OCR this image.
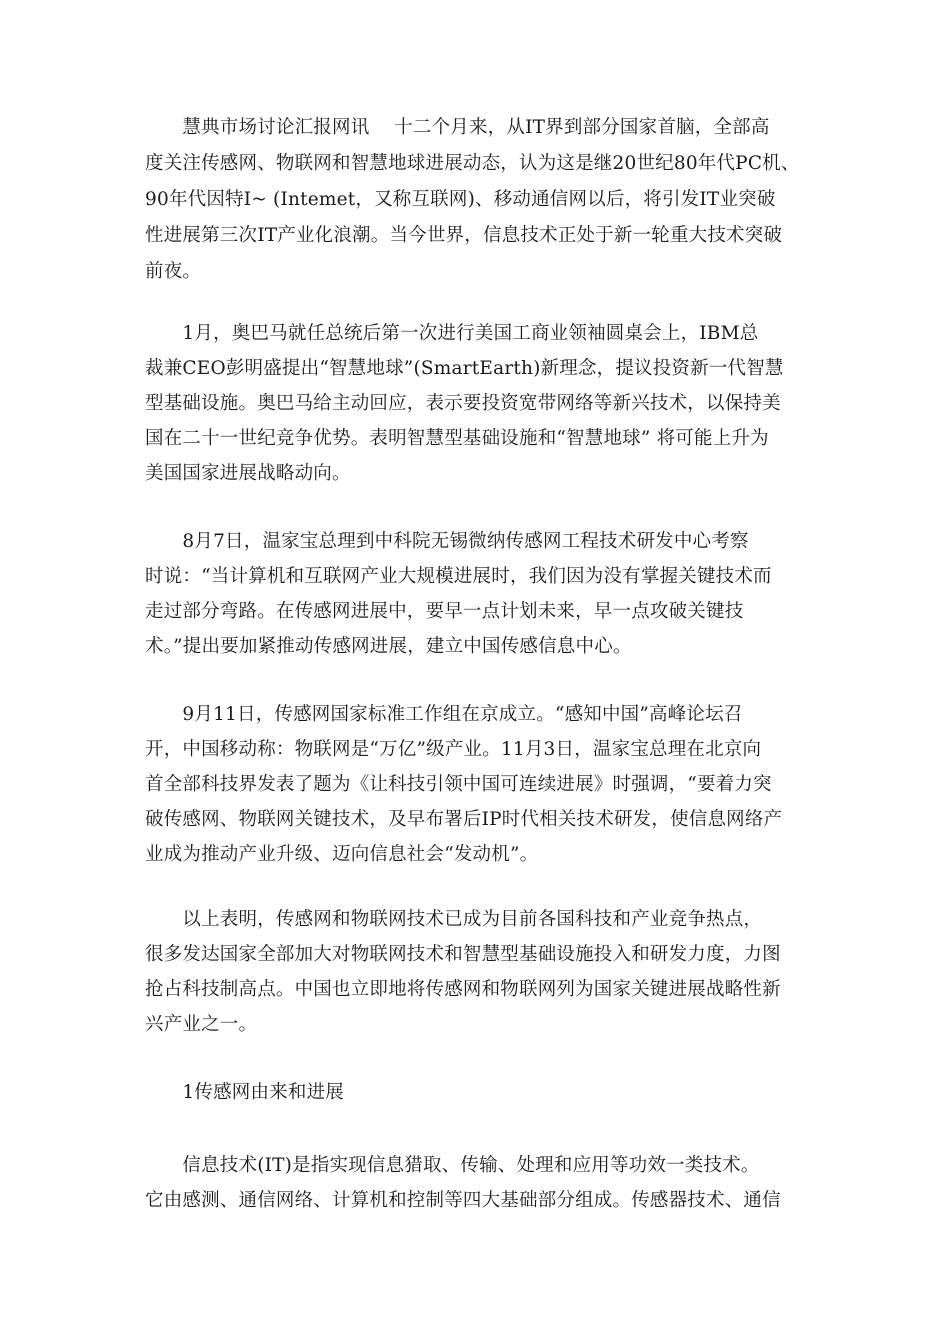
　　慧典市场讨论汇报网讯　 十二个月来，从IT界到部分国家首脑，全部高
度关注传感网、物联网和智慧地球进展动态，认为这是继20世纪80年代PC机、
90年代因特I~ (Intemet，又称互联网)、移动通信网以后，将引发IT业突破
性进展第三次IT产业化浪潮。当今世界，信息技术正处于新一轮重大技术突破
前夜。
　　1月，奥巴马就任总统后第一次进行美国工商业领袖圆桌会上，IBM总
裁兼CEO彭明盛提出“智慧地球”(SmartEarth)新理念，提议投资新一代智慧
型基础设施。奥巴马给主动回应，表示要投资宽带网络等新兴技术，以保持美
国在二十一世纪竞争优势。表明智慧型基础设施和“智慧地球” 将可能上升为
美国国家进展战略动向。
　　8月7日，温家宝总理到中科院无锡微纳传感网工程技术研发中心考察
时说：“当计算机和互联网产业大规模进展时，我们因为没有掌握关键技术而
走过部分弯路。在传感网进展中，要早一点计划未来，早一点攻破关键技
术。”提出要加紧推动传感网进展，建立中国传感信息中心。
　　9月11日，传感网国家标准工作组在京成立。“感知中国”高峰论坛召
开，中国移动称：物联网是“万亿”级产业。11月3日，温家宝总理在北京向
首全部科技界发表了题为《让科技引领中国可连续进展》时强调，“要着力突
破传感网、物联网关键技术，及早布署后IP时代相关技术研发，使信息网络产
业成为推动产业升级、迈向信息社会“发动机”。
　　以上表明，传感网和物联网技术已成为目前各国科技和产业竞争热点，
很多发达国家全部加大对物联网技术和智慧型基础设施投入和研发力度，力图
抢占科技制高点。中国也立即地将传感网和物联网列为国家关键进展战略性新
兴产业之一。
　　1传感网由来和进展
　　信息技术(IT)是指实现信息猎取、传输、处理和应用等功效一类技术。
它由感测、通信网络、计算机和控制等四大基础部分组成。传感器技术、通信
